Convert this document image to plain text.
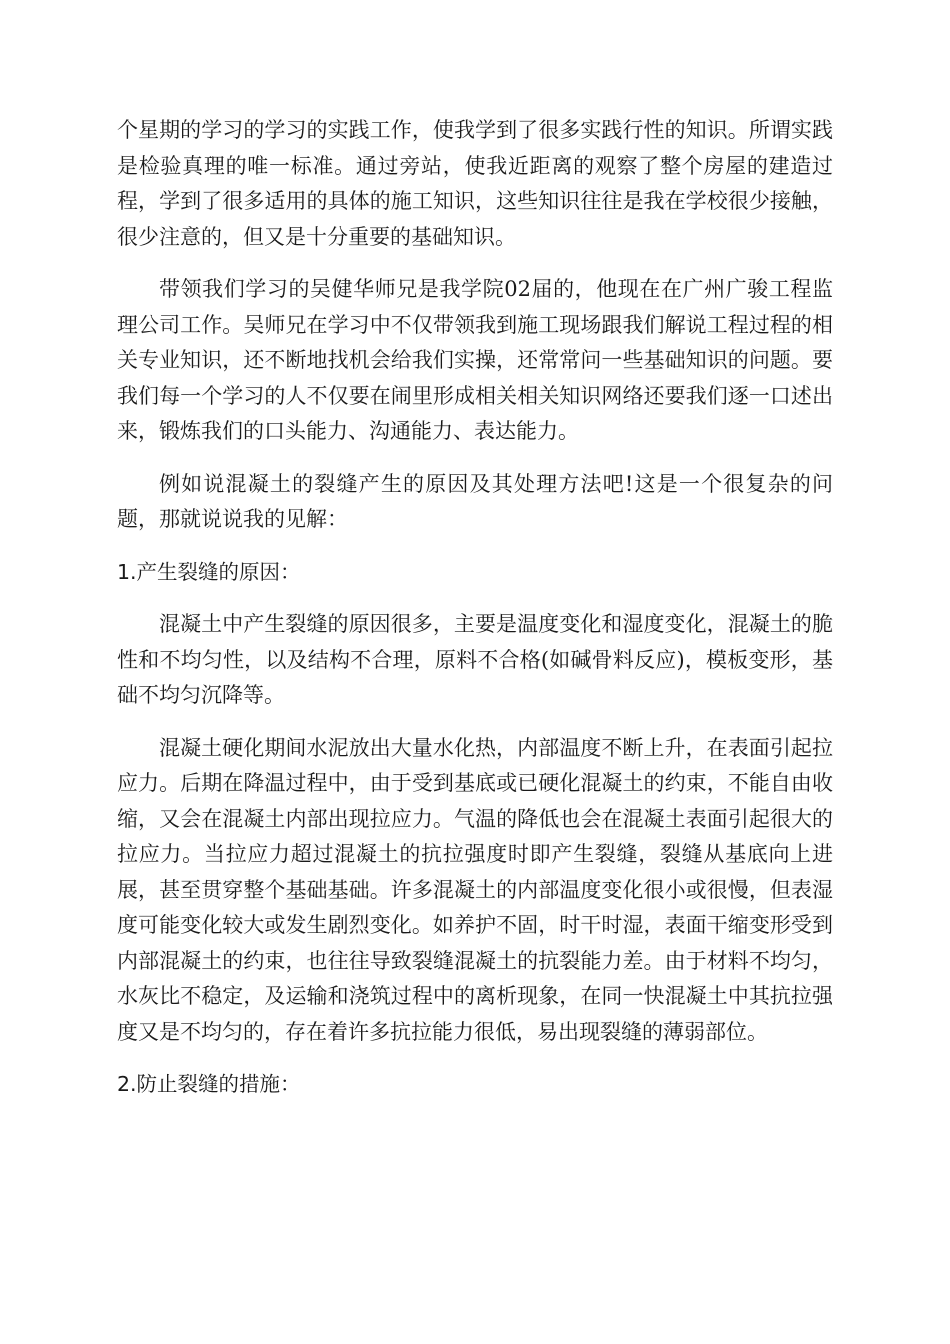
个星期的学习的学习的实践工作，使我学到了很多实践行性的知识。所谓实践是检验真理的唯一标准。通过旁站，使我近距离的观察了整个房屋的建造过程，学到了很多适用的具体的施工知识，这些知识往往是我在学校很少接触，很少注意的，但又是十分重要的基础知识。

带领我们学习的吴健华师兄是我学院02届的，他现在在广州广骏工程监理公司工作。吴师兄在学习中不仅带领我到施工现场跟我们解说工程过程的相关专业知识，还不断地找机会给我们实操，还常常问一些基础知识的问题。要我们每一个学习的人不仅要在闹里形成相关相关知识网络还要我们逐一口述出来，锻炼我们的口头能力、沟通能力、表达能力。

例如说混凝土的裂缝产生的原因及其处理方法吧!这是一个很复杂的问题，那就说说我的见解：

1.产生裂缝的原因：

混凝土中产生裂缝的原因很多，主要是温度变化和湿度变化，混凝土的脆性和不均匀性，以及结构不合理，原料不合格(如碱骨料反应)，模板变形，基础不均匀沉降等。

混凝土硬化期间水泥放出大量水化热，内部温度不断上升，在表面引起拉应力。后期在降温过程中，由于受到基底或已硬化混凝土的约束，不能自由收缩，又会在混凝土内部出现拉应力。气温的降低也会在混凝土表面引起很大的拉应力。当拉应力超过混凝土的抗拉强度时即产生裂缝，裂缝从基底向上进展，甚至贯穿整个基础基础。许多混凝土的内部温度变化很小或很慢，但表湿度可能变化较大或发生剧烈变化。如养护不固，时干时湿，表面干缩变形受到内部混凝土的约束，也往往导致裂缝混凝土的抗裂能力差。由于材料不均匀，水灰比不稳定，及运输和浇筑过程中的离析现象，在同一快混凝土中其抗拉强度又是不均匀的，存在着许多抗拉能力很低，易出现裂缝的薄弱部位。

2.防止裂缝的措施：
